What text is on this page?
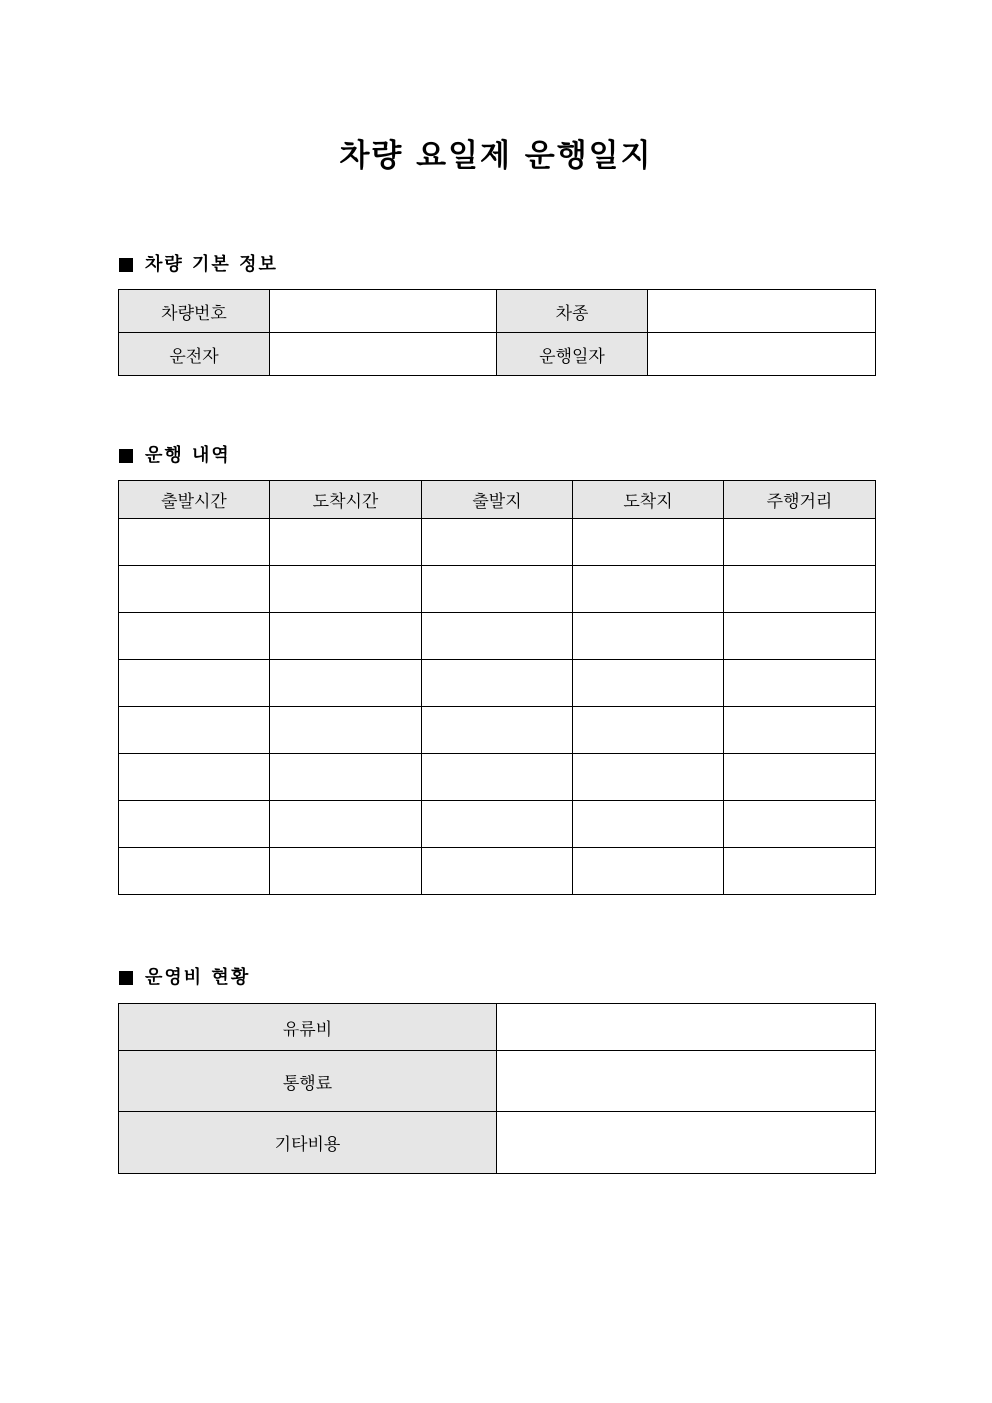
차량 요일제 운행일지
차량 기본 정보
차량번호		차종	
운전자		운행일자	
운행 내역
출발시간	도착시간	출발지	도착지	주행거리

운영비 현황
유류비	
통행료	
기타비용	
